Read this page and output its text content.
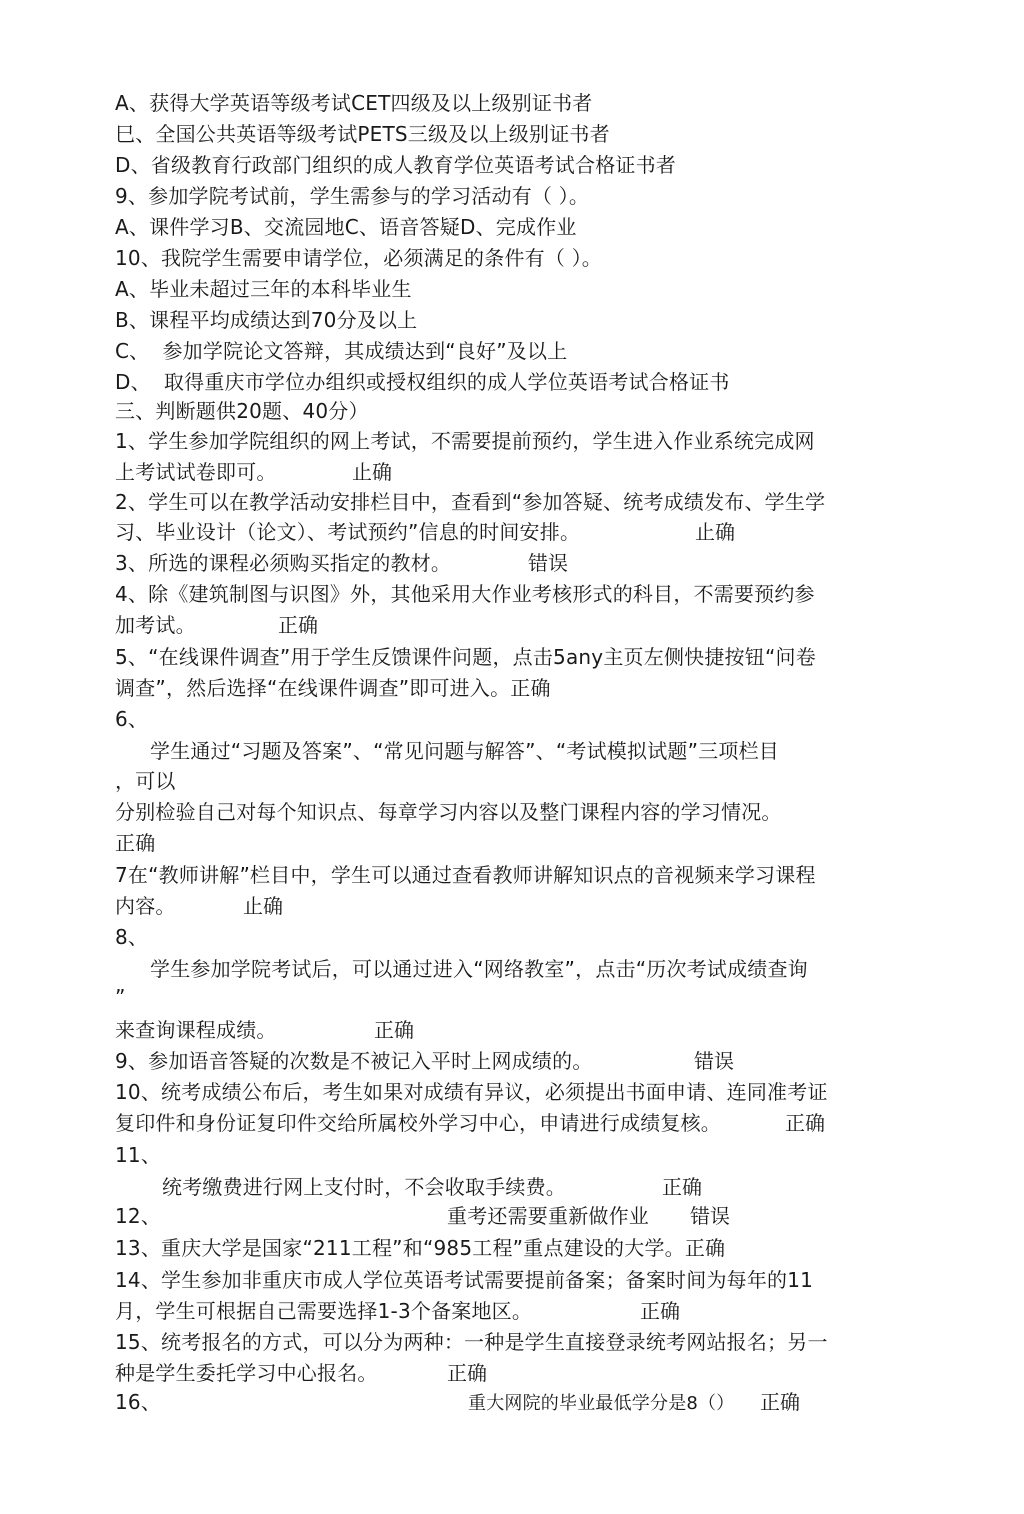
A、获得大学英语等级考试CET四级及以上级别证书者
巳、全国公共英语等级考试PETS三级及以上级别证书者
D、省级教育行政部门组织的成人教育学位英语考试合格证书者
9、参加学院考试前，学生需参与的学习活动有（ ）。
A、课件学习B、交流园地C、语音答疑D、完成作业
10、我院学生需要申请学位，必须满足的条件有（ ）。
A、毕业未超过三年的本科毕业生
B、课程平均成绩达到70分及以上
C、  参加学院论文答辩，其成绩达到“良好”及以上
D、  取得重庆市学位办组织或授权组织的成人学位英语考试合格证书
三、判断题供20题、40分）
1、学生参加学院组织的网上考试，不需要提前预约，学生进入作业系统完成网
上考试试卷即可。	止确
2、学生可以在教学活动安排栏目中，查看到“参加答疑、统考成绩发布、学生学
习、毕业设计（论文）、考试预约”信息的时间安排。	止确
3、所选的课程必须购买指定的教材。	错误
4、除《建筑制图与识图》外，其他采用大作业考核形式的科目，不需要预约参
加考试。	正确
5、“在线课件调查”用于学生反馈课件问题，点击5any主页左侧快捷按钮“问卷
调查”，然后选择“在线课件调查”即可进入。正确
6、
学生通过“习题及答案”、“常见问题与解答”、“考试模拟试题”三项栏目
，可以
分别检验自己对每个知识点、每章学习内容以及整门课程内容的学习情况。
正确
7在“教师讲解”栏目中，学生可以通过查看教师讲解知识点的音视频来学习课程
内容。	止确
8、
学生参加学院考试后，可以通过进入“网络教室”，点击“历次考试成绩查询
”
来查询课程成绩。	正确
9、参加语音答疑的次数是不被记入平时上网成绩的。	错误
10、统考成绩公布后，考生如果对成绩有异议，必须提出书面申请、连同准考证
复印件和身份证复印件交给所属校外学习中心，申请进行成绩复核。	正确
11、
统考缴费进行网上支付时，不会收取手续费。	正确
12、	重考还需要重新做作业 错误
13、重庆大学是国家“211工程”和“985工程”重点建设的大学。正确
14、学生参加非重庆市成人学位英语考试需要提前备案；备案时间为每年的11
月，学生可根据自己需要选择1-3个备案地区。	正确
15、统考报名的方式，可以分为两种：一种是学生直接登录统考网站报名；另一
种是学生委托学习中心报名。	正确
16、	重大网院的毕业最低学分是8（） 正确
